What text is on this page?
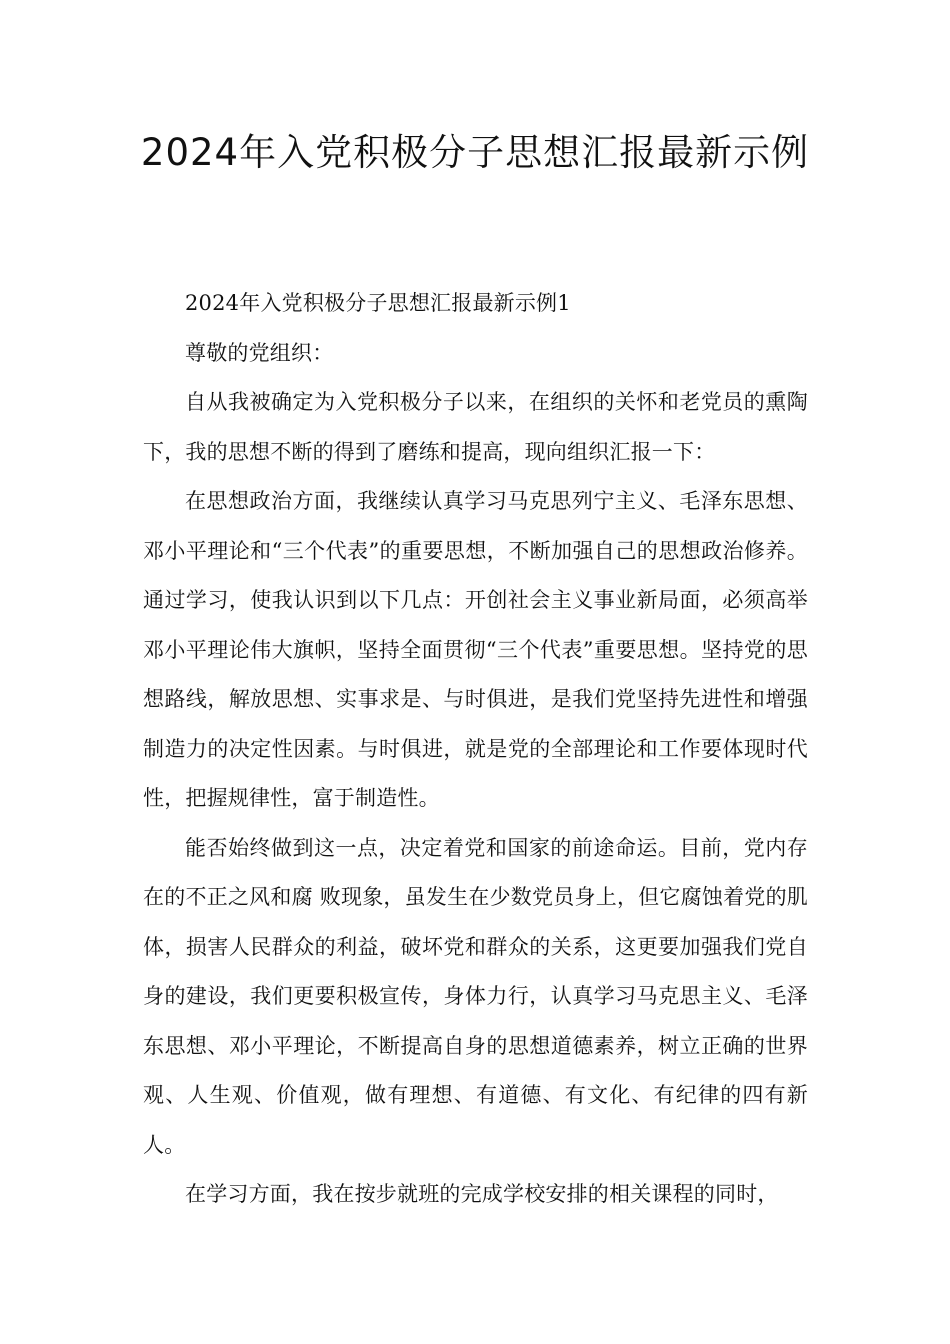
2024年入党积极分子思想汇报最新示例

2024年入党积极分子思想汇报最新示例1

尊敬的党组织：

自从我被确定为入党积极分子以来，在组织的关怀和老党员的熏陶下，我的思想不断的得到了磨练和提高，现向组织汇报一下：

在思想政治方面，我继续认真学习马克思列宁主义、毛泽东思想、邓小平理论和“三个代表”的重要思想，不断加强自己的思想政治修养。通过学习，使我认识到以下几点：开创社会主义事业新局面，必须高举邓小平理论伟大旗帜，坚持全面贯彻“三个代表”重要思想。坚持党的思想路线，解放思想、实事求是、与时俱进，是我们党坚持先进性和增强制造力的决定性因素。与时俱进，就是党的全部理论和工作要体现时代性，把握规律性，富于制造性。

能否始终做到这一点，决定着党和国家的前途命运。目前，党内存在的不正之风和腐 败现象，虽发生在少数党员身上，但它腐蚀着党的肌体，损害人民群众的利益，破坏党和群众的关系，这更要加强我们党自身的建设，我们更要积极宣传，身体力行，认真学习马克思主义、毛泽东思想、邓小平理论，不断提高自身的思想道德素养，树立正确的世界观、人生观、价值观，做有理想、有道德、有文化、有纪律的四有新人。

在学习方面，我在按步就班的完成学校安排的相关课程的同时，
